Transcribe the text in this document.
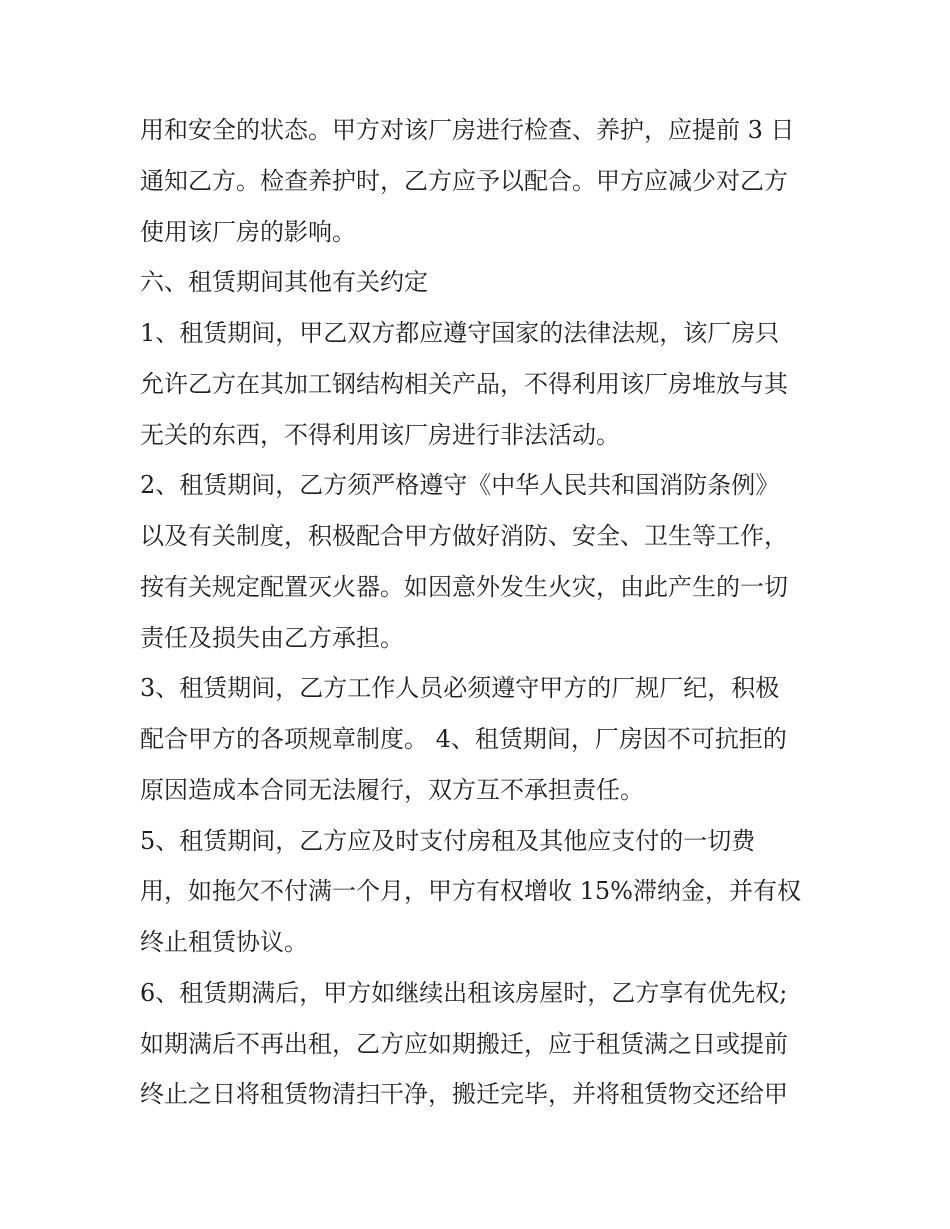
用和安全的状态。甲方对该厂房进行检查、养护，应提前 3 日

通知乙方。检查养护时，乙方应予以配合。甲方应减少对乙方

使用该厂房的影响。

六、租赁期间其他有关约定

1、租赁期间，甲乙双方都应遵守国家的法律法规，该厂房只

允许乙方在其加工钢结构相关产品，不得利用该厂房堆放与其

无关的东西，不得利用该厂房进行非法活动。

2、租赁期间，乙方须严格遵守《中华人民共和国消防条例》

以及有关制度，积极配合甲方做好消防、安全、卫生等工作，

按有关规定配置灭火器。如因意外发生火灾，由此产生的一切

责任及损失由乙方承担。

3、租赁期间，乙方工作人员必须遵守甲方的厂规厂纪，积极

配合甲方的各项规章制度。 4、租赁期间，厂房因不可抗拒的

原因造成本合同无法履行，双方互不承担责任。

5、租赁期间，乙方应及时支付房租及其他应支付的一切费

用，如拖欠不付满一个月，甲方有权增收 15%滞纳金，并有权

终止租赁协议。

6、租赁期满后，甲方如继续出租该房屋时，乙方享有优先权;

如期满后不再出租，乙方应如期搬迁，应于租赁满之日或提前

终止之日将租赁物清扫干净，搬迁完毕，并将租赁物交还给甲
